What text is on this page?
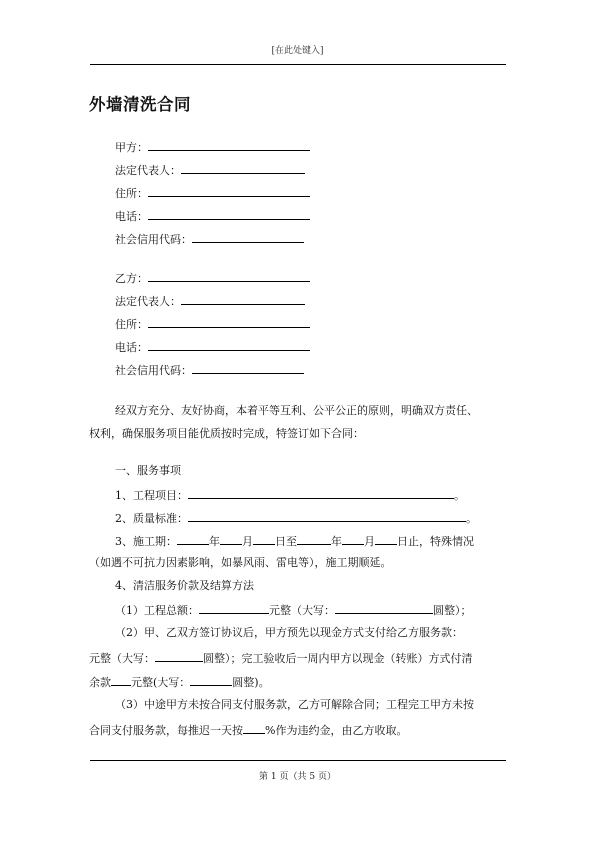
[在此处键入]
外墙清洗合同
甲方：
法定代表人：
住所：
电话：
社会信用代码：
乙方：
法定代表人：
住所：
电话：
社会信用代码：
经双方充分、友好协商，本着平等互利、公平公正的原则，明确双方责任、
权利，确保服务项目能优质按时完成，特签订如下合同：
一、服务事项
1、工程项目：	。
2、质量标准：	。
3、施工期：	年 月 日至	年 月 日止，特殊情况
（如遇不可抗力因素影响，如暴风雨、雷电等），施工期顺延。
4、清洁服务价款及结算方法
（1）工程总额：	元整（大写：	圆整）；
（2）甲、乙双方签订协议后，甲方预先以现金方式支付给乙方服务款：
元整（大写：	圆整）；完工验收后一周内甲方以现金（转账）方式付清
余款 元整(大写：	圆整)。
（3）中途甲方未按合同支付服务款，乙方可解除合同；工程完工甲方未按
合同支付服务款，每推迟一天按 %作为违约金，由乙方收取。
第 1 页（共 5 页）
